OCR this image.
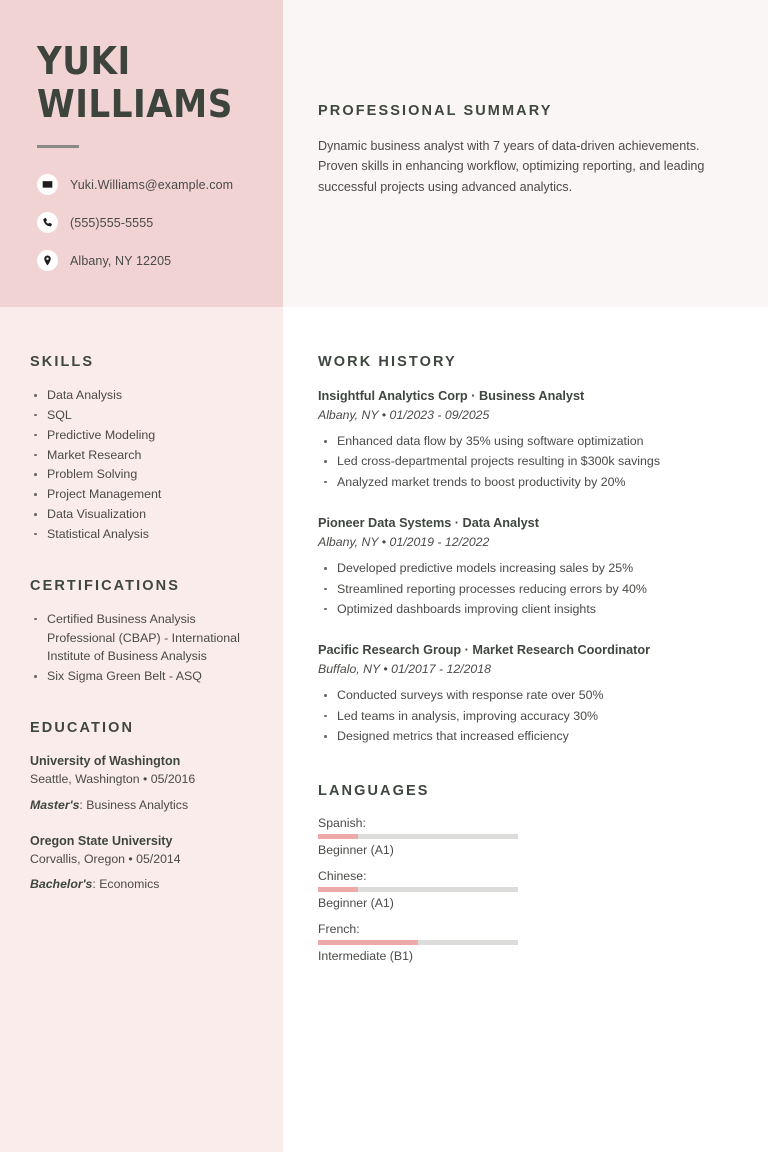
YUKI
WILLIAMS
Yuki.Williams@example.com
(555)555-5555
Albany, NY 12205
SKILLS
Data Analysis
SQL
Predictive Modeling
Market Research
Problem Solving
Project Management
Data Visualization
Statistical Analysis
CERTIFICATIONS
Certified Business Analysis Professional (CBAP) - International Institute of Business Analysis
Six Sigma Green Belt - ASQ
EDUCATION
University of Washington
Seattle, Washington • 05/2016
Master's: Business Analytics
Oregon State University
Corvallis, Oregon • 05/2014
Bachelor's: Economics
PROFESSIONAL SUMMARY
Dynamic business analyst with 7 years of data-driven achievements. Proven skills in enhancing workflow, optimizing reporting, and leading successful projects using advanced analytics.
WORK HISTORY
Insightful Analytics Corp · Business Analyst
Albany, NY • 01/2023 - 09/2025
Enhanced data flow by 35% using software optimization
Led cross-departmental projects resulting in $300k savings
Analyzed market trends to boost productivity by 20%
Pioneer Data Systems · Data Analyst
Albany, NY • 01/2019 - 12/2022
Developed predictive models increasing sales by 25%
Streamlined reporting processes reducing errors by 40%
Optimized dashboards improving client insights
Pacific Research Group · Market Research Coordinator
Buffalo, NY • 01/2017 - 12/2018
Conducted surveys with response rate over 50%
Led teams in analysis, improving accuracy 30%
Designed metrics that increased efficiency
LANGUAGES
Spanish:
Beginner (A1)
Chinese:
Beginner (A1)
French:
Intermediate (B1)
